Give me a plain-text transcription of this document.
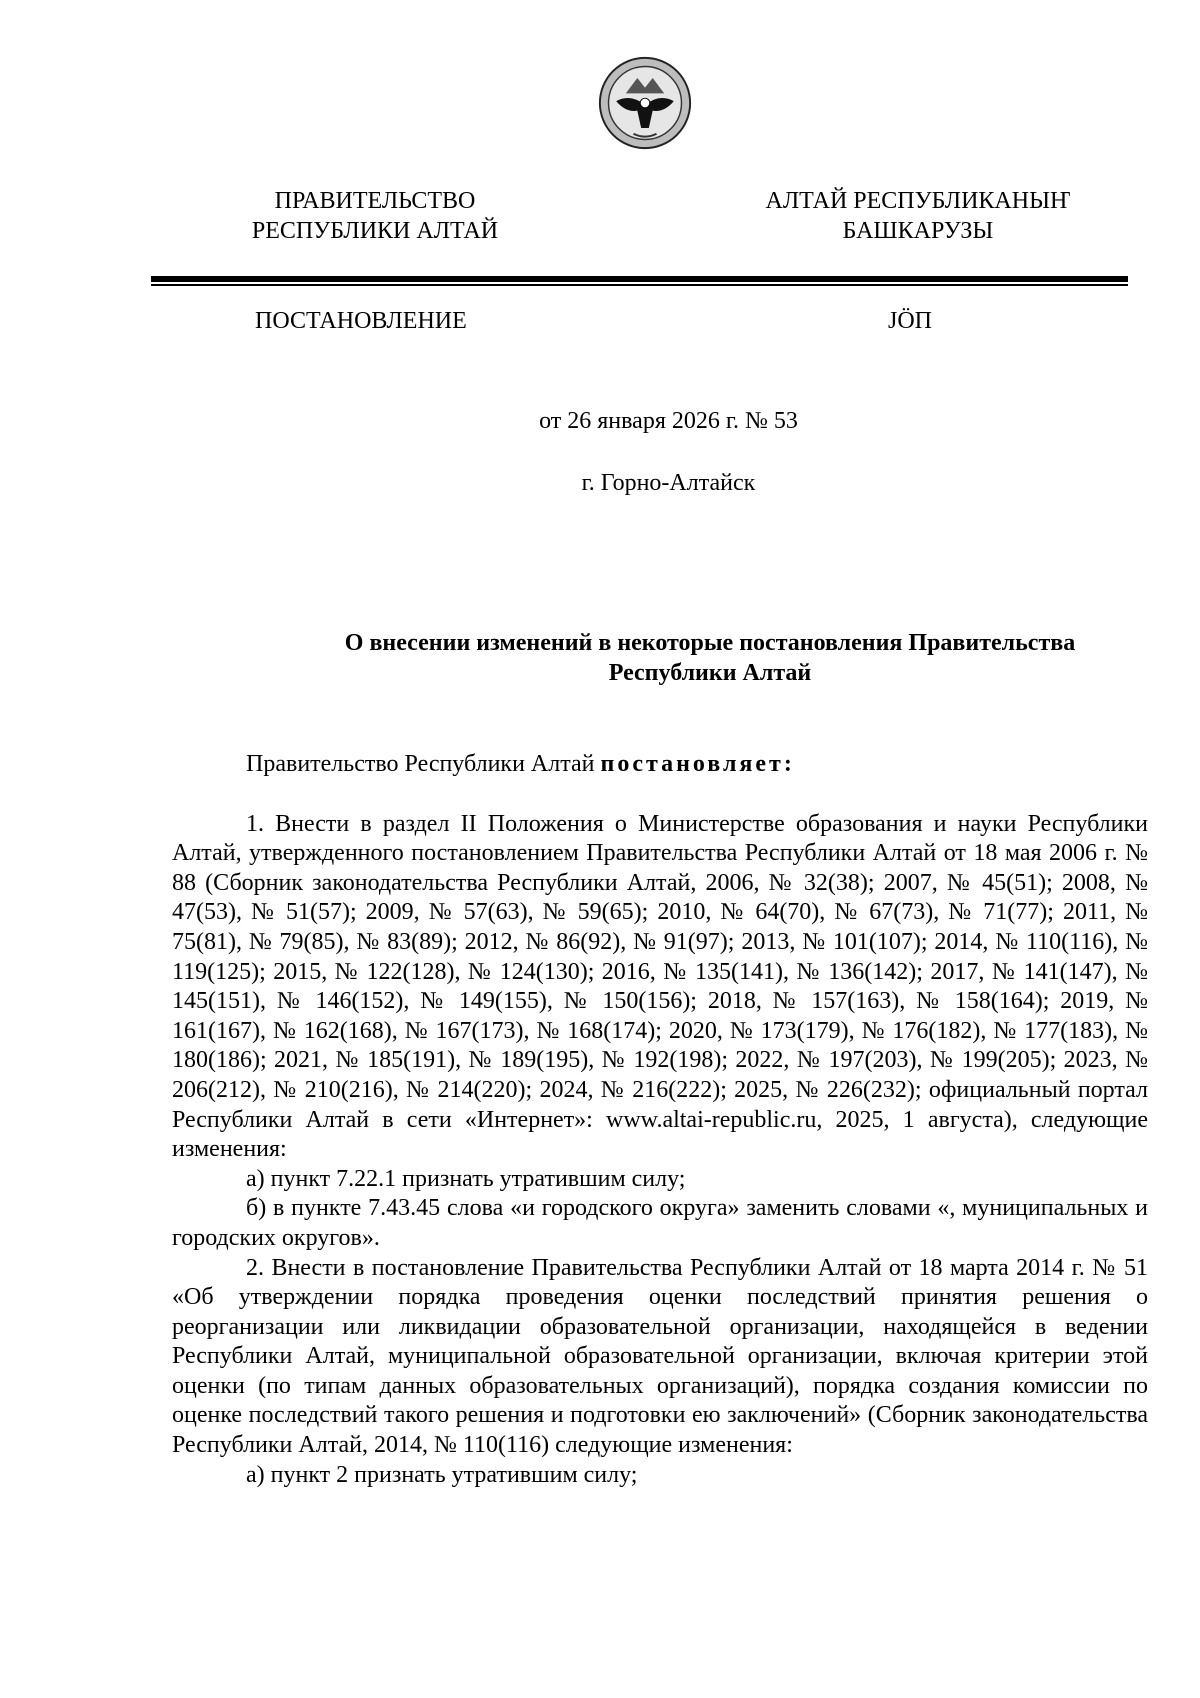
ПРАВИТЕЛЬСТВО
РЕСПУБЛИКИ АЛТАЙ
АЛТАЙ РЕСПУБЛИКАНЫҤ
БАШКАРУЗЫ
ПОСТАНОВЛЕНИЕ	JÖП
от 26 января 2026 г. № 53
г. Горно-Алтайск
О внесении изменений в некоторые постановления Правительства
Республики Алтай

Правительство Республики Алтай постановляет:

1. Внести в раздел II Положения о Министерстве образования и науки Республики Алтай, утвержденного постановлением Правительства Республики Алтай от 18 мая 2006 г. № 88 (Сборник законодательства Республики Алтай, 2006, № 32(38); 2007, № 45(51); 2008, № 47(53), № 51(57); 2009, № 57(63), № 59(65); 2010, № 64(70), № 67(73), № 71(77); 2011, № 75(81), № 79(85), № 83(89); 2012, № 86(92), № 91(97); 2013, № 101(107); 2014, № 110(116), № 119(125); 2015, № 122(128), № 124(130); 2016, № 135(141), № 136(142); 2017, № 141(147), № 145(151), № 146(152), № 149(155), № 150(156); 2018, № 157(163), № 158(164); 2019, № 161(167), № 162(168), № 167(173), № 168(174); 2020, № 173(179), № 176(182), № 177(183), № 180(186); 2021, № 185(191), № 189(195), № 192(198); 2022, № 197(203), № 199(205); 2023, № 206(212), № 210(216), № 214(220); 2024, № 216(222); 2025, № 226(232); официальный портал Республики Алтай в сети «Интернет»: www.altai-republic.ru, 2025, 1 августа), следующие изменения:

а) пункт 7.22.1 признать утратившим силу;

б) в пункте 7.43.45 слова «и городского округа» заменить словами «, муниципальных и городских округов».

2. Внести в постановление Правительства Республики Алтай от 18 марта 2014 г. № 51 «Об утверждении порядка проведения оценки последствий принятия решения о реорганизации или ликвидации образовательной организации, находящейся в ведении Республики Алтай, муниципальной образовательной организации, включая критерии этой оценки (по типам данных образовательных организаций), порядка создания комиссии по оценке последствий такого решения и подготовки ею заключений» (Сборник законодательства Республики Алтай, 2014, № 110(116) следующие изменения:

а) пункт 2 признать утратившим силу;
